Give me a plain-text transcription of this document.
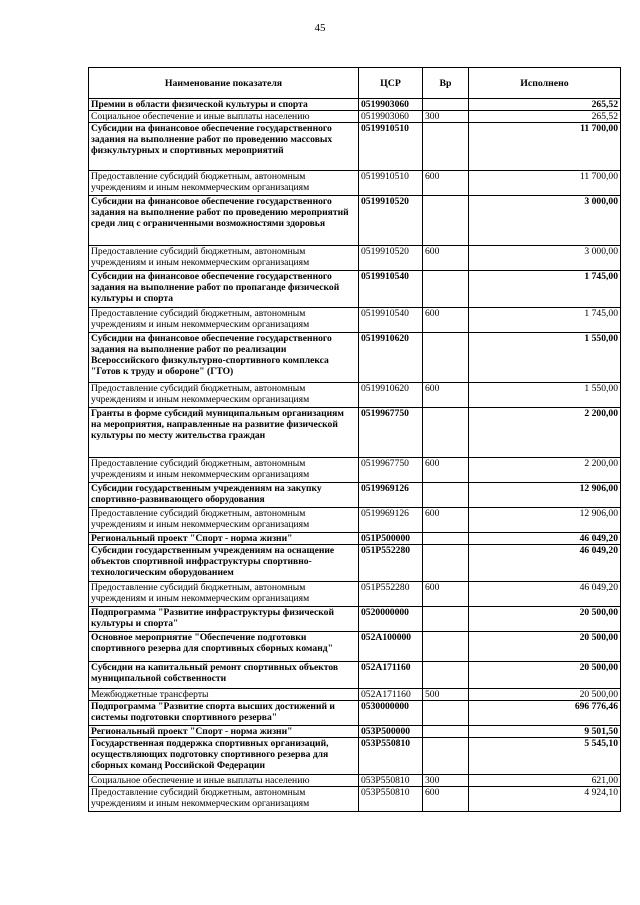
45
Наименование показателя	ЦСР	Вр	Исполнено
Премии в области физической культуры и спорта	0519903060		265,52
Социальное обеспечение и иные выплаты населению	0519903060	300	265,52
Субсидии на финансовое обеспечение государственного задания на выполнение работ по проведению массовых физкультурных и спортивных мероприятий	0519910510		11 700,00
Предоставление субсидий бюджетным, автономным учреждениям и иным некоммерческим организациям	0519910510	600	11 700,00
Субсидии на финансовое обеспечение государственного задания на выполнение работ по проведению мероприятий среди лиц с ограниченными возможностями здоровья	0519910520		3 000,00
Предоставление субсидий бюджетным, автономным учреждениям и иным некоммерческим организациям	0519910520	600	3 000,00
Субсидии на финансовое обеспечение государственного задания на выполнение работ по пропаганде физической культуры и спорта	0519910540		1 745,00
Предоставление субсидий бюджетным, автономным учреждениям и иным некоммерческим организациям	0519910540	600	1 745,00
Субсидии на финансовое обеспечение государственного задания на выполнение работ по реализации Всероссийского физкультурно-спортивного комплекса "Готов к труду и обороне" (ГТО)	0519910620		1 550,00
Предоставление субсидий бюджетным, автономным учреждениям и иным некоммерческим организациям	0519910620	600	1 550,00
Гранты в форме субсидий муниципальным организациям на мероприятия, направленные на развитие физической культуры по месту жительства граждан	0519967750		2 200,00
Предоставление субсидий бюджетным, автономным учреждениям и иным некоммерческим организациям	0519967750	600	2 200,00
Субсидии государственным учреждениям на закупку спортивно-развивающего оборудования	0519969126		12 906,00
Предоставление субсидий бюджетным, автономным учреждениям и иным некоммерческим организациям	0519969126	600	12 906,00
Региональный проект "Спорт - норма жизни"	051P500000		46 049,20
Субсидии государственным учреждениям на оснащение объектов спортивной инфраструктуры спортивно-технологическим оборудованием	051P552280		46 049,20
Предоставление субсидий бюджетным, автономным учреждениям и иным некоммерческим организациям	051P552280	600	46 049,20
Подпрограмма "Развитие инфраструктуры физической культуры и спорта"	0520000000		20 500,00
Основное мероприятие "Обеспечение подготовки спортивного резерва для спортивных сборных команд"	052A100000		20 500,00
Субсидии на капитальный ремонт спортивных объектов муниципальной собственности	052A171160		20 500,00
Межбюджетные трансферты	052A171160	500	20 500,00
Подпрограмма "Развитие спорта высших достижений и системы подготовки спортивного резерва"	0530000000		696 776,46
Региональный проект "Спорт - норма жизни"	053P500000		9 501,50
Государственная поддержка спортивных организаций, осуществляющих подготовку спортивного резерва для сборных команд Российской Федерации	053P550810		5 545,10
Социальное обеспечение и иные выплаты населению	053P550810	300	621,00
Предоставление субсидий бюджетным, автономным учреждениям и иным некоммерческим организациям	053P550810	600	4 924,10
